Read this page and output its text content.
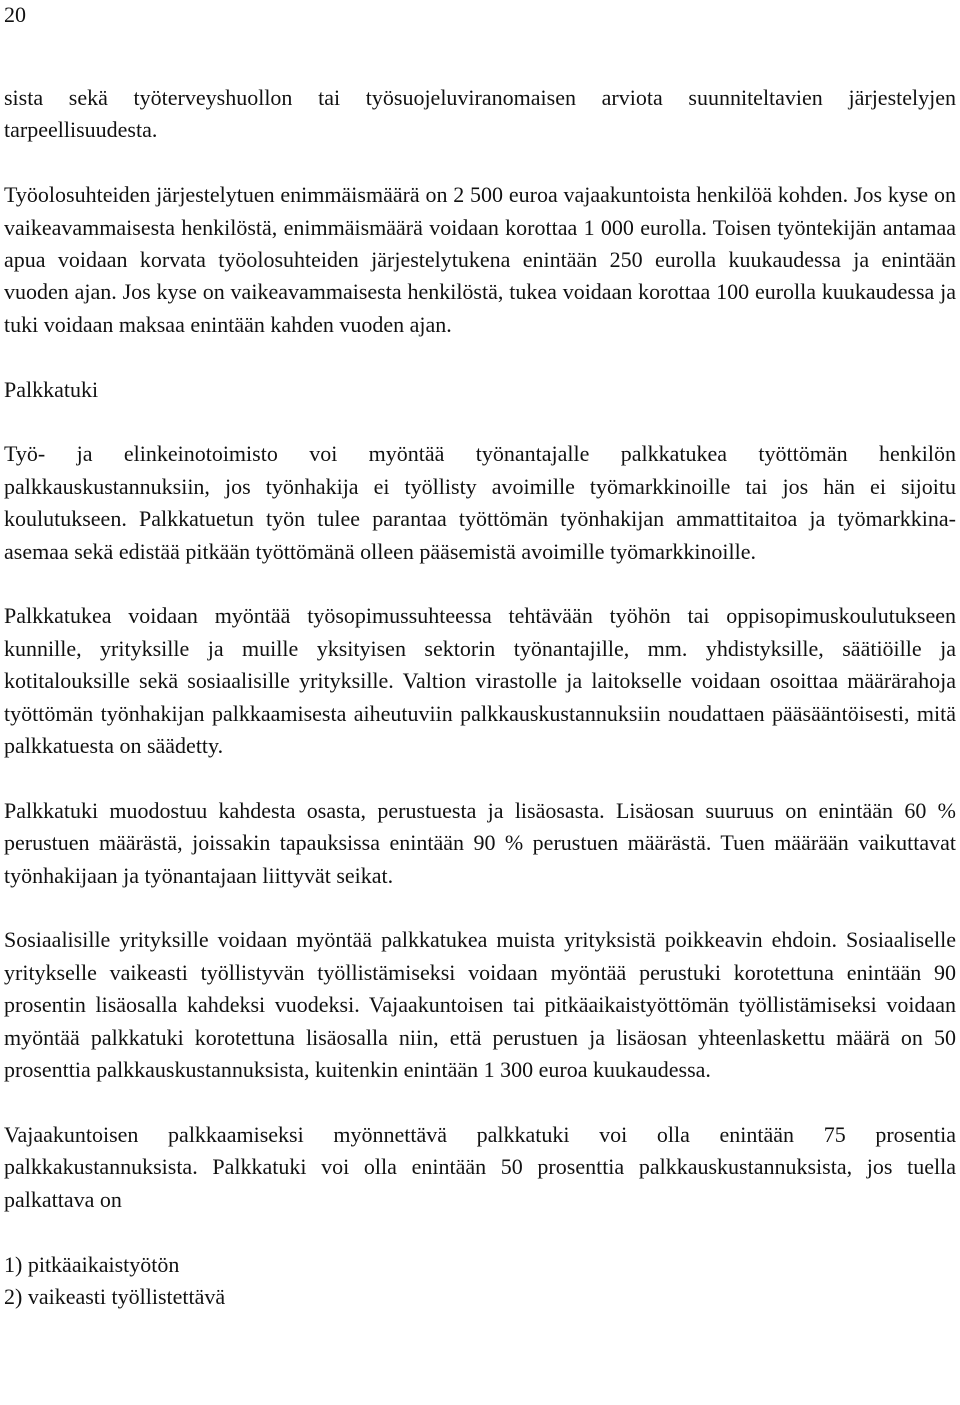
20

sista sekä työterveyshuollon tai työsuojeluviranomaisen arviota suunniteltavien järjestelyjen tarpeellisuudesta.

Työolosuhteiden järjestelytuen enimmäismäärä on 2 500 euroa vajaakuntoista henkilöä kohden. Jos kyse on vaikeavammaisesta henkilöstä, enimmäismäärä voidaan korottaa 1 000 eurolla. Toisen työntekijän antamaa apua voidaan korvata työolosuhteiden järjestelytukena enintään 250 eurolla kuukaudessa ja enintään vuoden ajan. Jos kyse on vaikeavammaisesta henkilöstä, tukea voidaan korottaa 100 eurolla kuukaudessa ja tuki voidaan maksaa enintään kahden vuoden ajan.

Palkkatuki

Työ- ja elinkeinotoimisto voi myöntää työnantajalle palkkatukea työttömän henkilön palkkauskustannuksiin, jos työnhakija ei työllisty avoimille työmarkkinoille tai jos hän ei sijoitu koulutukseen. Palkkatuetun työn tulee parantaa työttömän työnhakijan ammattitaitoa ja työmarkkina-asemaa sekä edistää pitkään työttömänä olleen pääsemistä avoimille työmarkkinoille.

Palkkatukea voidaan myöntää työsopimussuhteessa tehtävään työhön tai oppisopimuskoulutukseen kunnille, yrityksille ja muille yksityisen sektorin työnantajille, mm. yhdistyksille, säätiöille ja kotitalouksille sekä sosiaalisille yrityksille. Valtion virastolle ja laitokselle voidaan osoittaa määrärahoja työttömän työnhakijan palkkaamisesta aiheutuviin palkkauskustannuksiin noudattaen pääsääntöisesti, mitä palkkatuesta on säädetty.

Palkkatuki muodostuu kahdesta osasta, perustuesta ja lisäosasta. Lisäosan suuruus on enintään 60 % perustuen määrästä, joissakin tapauksissa enintään 90 % perustuen määrästä. Tuen määrään vaikuttavat työnhakijaan ja työnantajaan liittyvät seikat.

Sosiaalisille yrityksille voidaan myöntää palkkatukea muista yrityksistä poikkeavin ehdoin. Sosiaaliselle yritykselle vaikeasti työllistyvän työllistämiseksi voidaan myöntää perustuki korotettuna enintään 90 prosentin lisäosalla kahdeksi vuodeksi. Vajaakuntoisen tai pitkäaikaistyöttömän työllistämiseksi voidaan myöntää palkkatuki korotettuna lisäosalla niin, että perustuen ja lisäosan yhteenlaskettu määrä on 50 prosenttia palkkauskustannuksista, kuitenkin enintään 1 300 euroa kuukaudessa.

Vajaakuntoisen palkkaamiseksi myönnettävä palkkatuki voi olla enintään 75 prosentia palkkakustannuksista. Palkkatuki voi olla enintään 50 prosenttia palkkauskustannuksista, jos tuella palkattava on

1) pitkäaikaistyötön
2) vaikeasti työllistettävä
